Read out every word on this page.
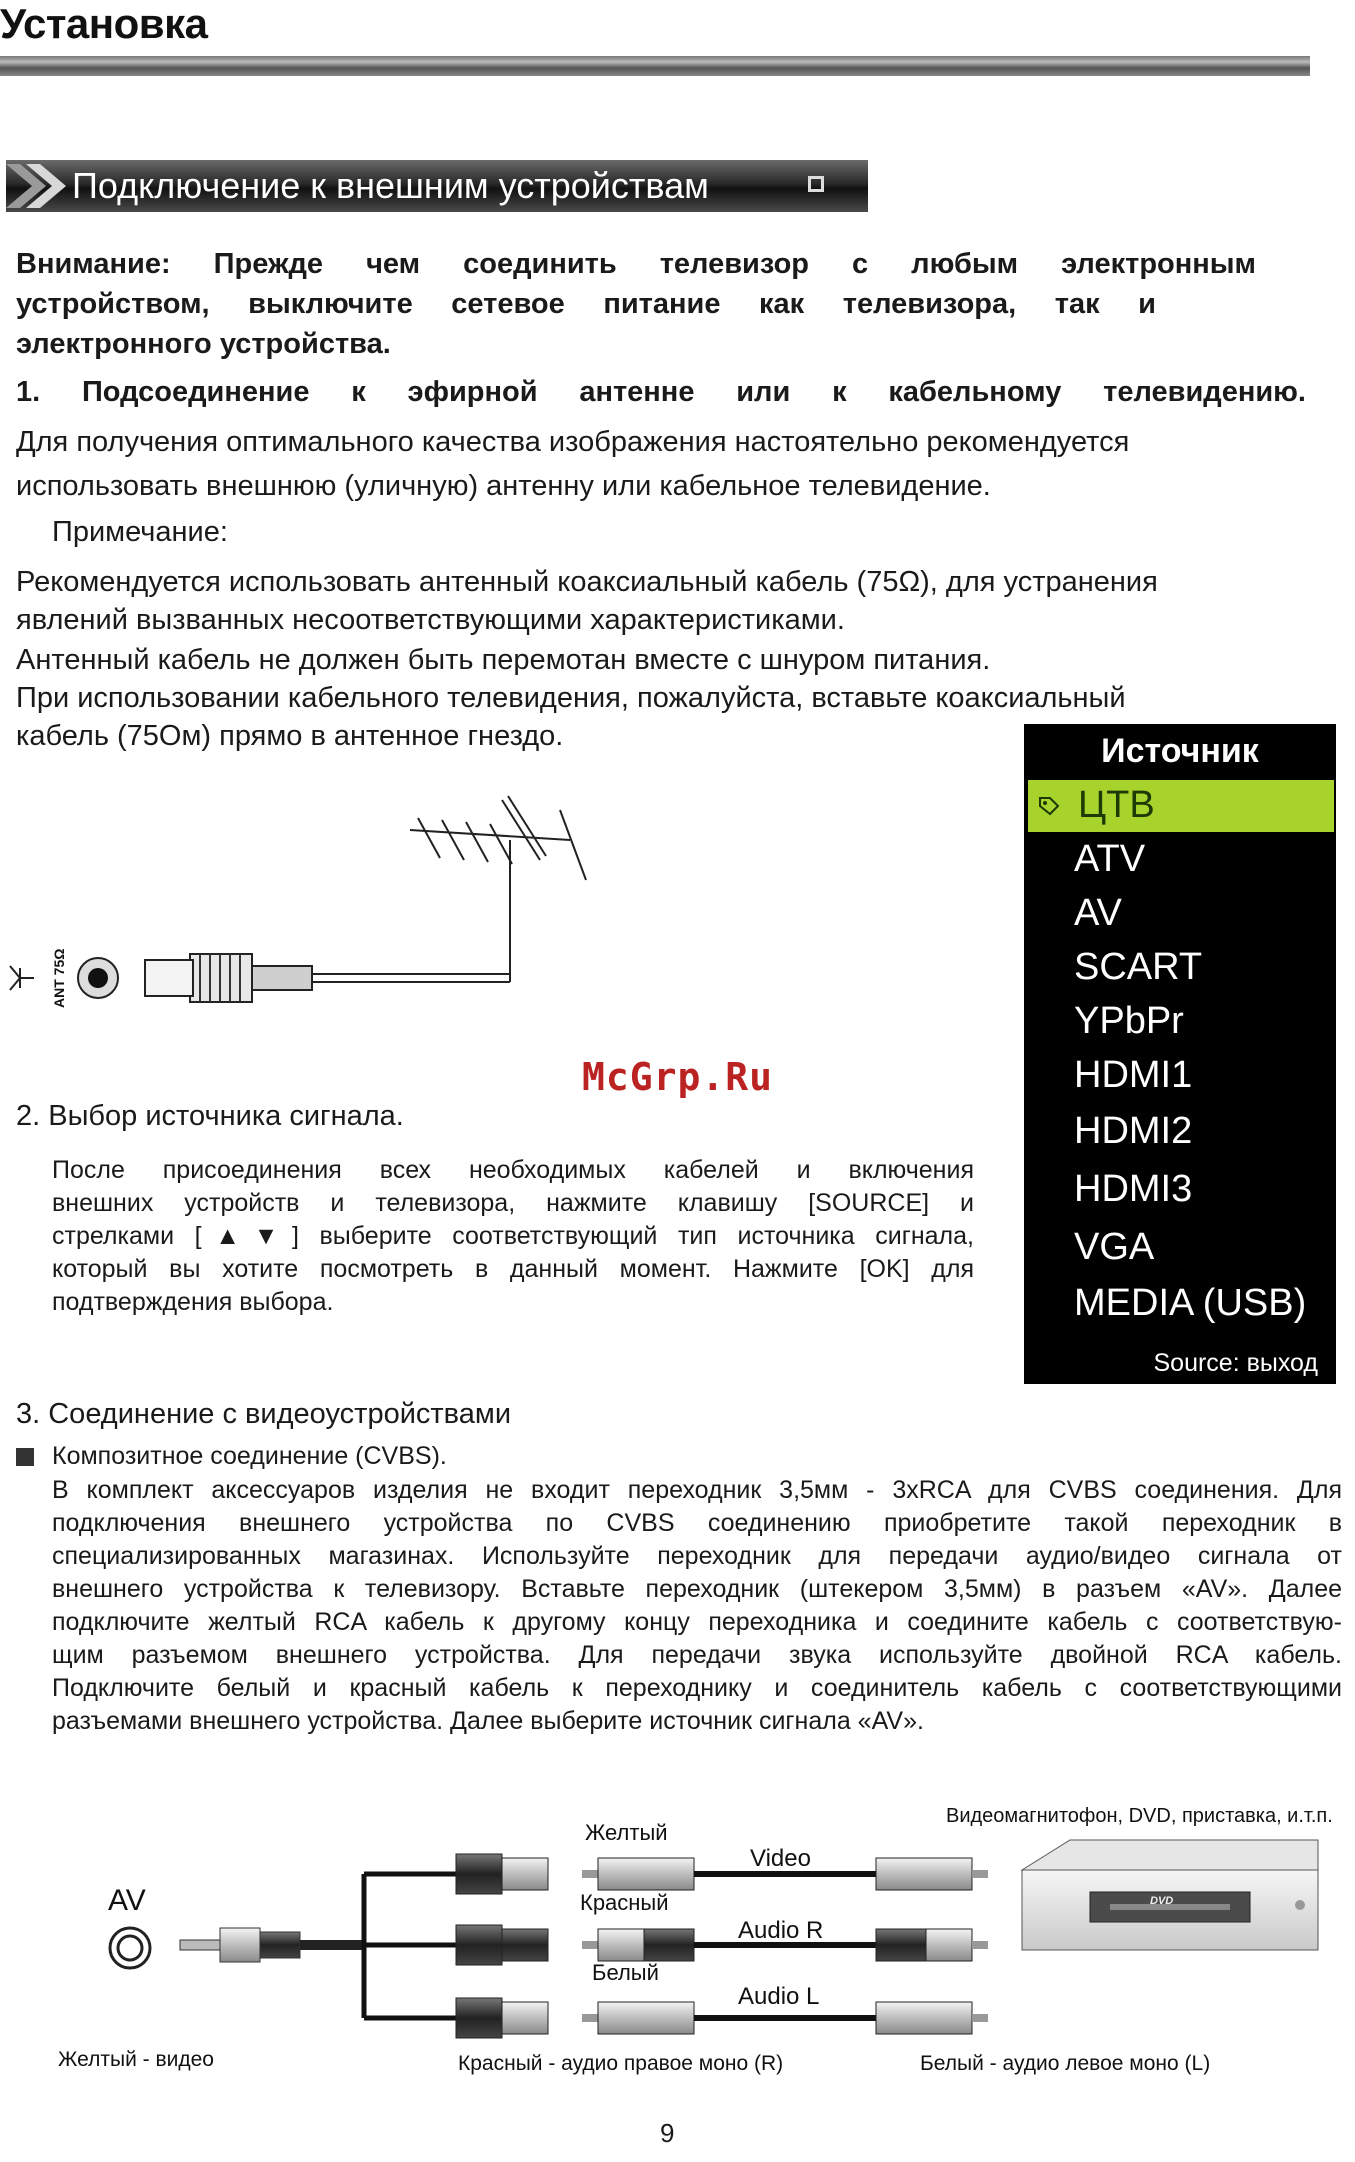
Установка
Подключение к внешним устройствам
Внимание: Прежде чем соединить телевизор с любым электронным
устройством, выключите сетевое питание как телевизора, так и
электронного устройства.
1. Подсоединение к эфирной антенне или к кабельному телевидению.
Для получения оптимального качества изображения настоятельно рекомендуется
использовать внешнюю (уличную) антенну или кабельное телевидение.
Примечание:
Рекомендуется использовать антенный коаксиальный кабель (75Ω), для устранения
явлений вызванных несоответствующими характеристиками.
Антенный кабель не должен быть перемотан вместе с шнуром питания.
При использовании кабельного телевидения, пожалуйста, вставьте коаксиальный
кабель (75Ом) прямо в антенное гнездо.
ANT 75Ω
McGrp.Ru
Источник
ЦТВ
ATV
AV
SCART
YPbPr
HDMI1
HDMI2
HDMI3
VGA
MEDIA (USB)
Source: выход
2. Выбор источника сигнала.
После присоединения всех необходимых кабелей и включения
внешних устройств и телевизора, нажмите клавишу [SOURCE] и
стрелками [▲▼] выберите соответствующий тип источника сигнала,
который вы хотите посмотреть в данный момент. Нажмите [OK] для
подтверждения выбора.
3. Соединение с видеоустройствами
Композитное соединение (CVBS).
В комплект аксессуаров изделия не входит переходник 3,5мм - 3xRCA для CVBS соединения. Для
подключения внешнего устройства по CVBS соединению приобретите такой переходник в
специализированных магазинах. Используйте переходник для передачи аудио/видео сигнала от
внешнего устройства к телевизору. Вставьте переходник (штекером 3,5мм) в разъем «AV». Далее
подключите желтый RCA кабель к другому концу переходника и соедините кабель с соответствую-
щим разъемом внешнего устройства. Для передачи звука используйте двойной RCA кабель.
Подключите белый и красный кабель к переходнику и соединитель кабель с соответствующими
разъемами внешнего устройства. Далее выберите источник сигнала «AV».
AV	DVD
Желтый
Video
Красный
Audio R
Белый
Audio L
Видеомагнитофон, DVD, приставка, и.т.п.
Желтый - видео	Красный - аудио правое моно (R)	Белый - аудио левое моно (L)
9
